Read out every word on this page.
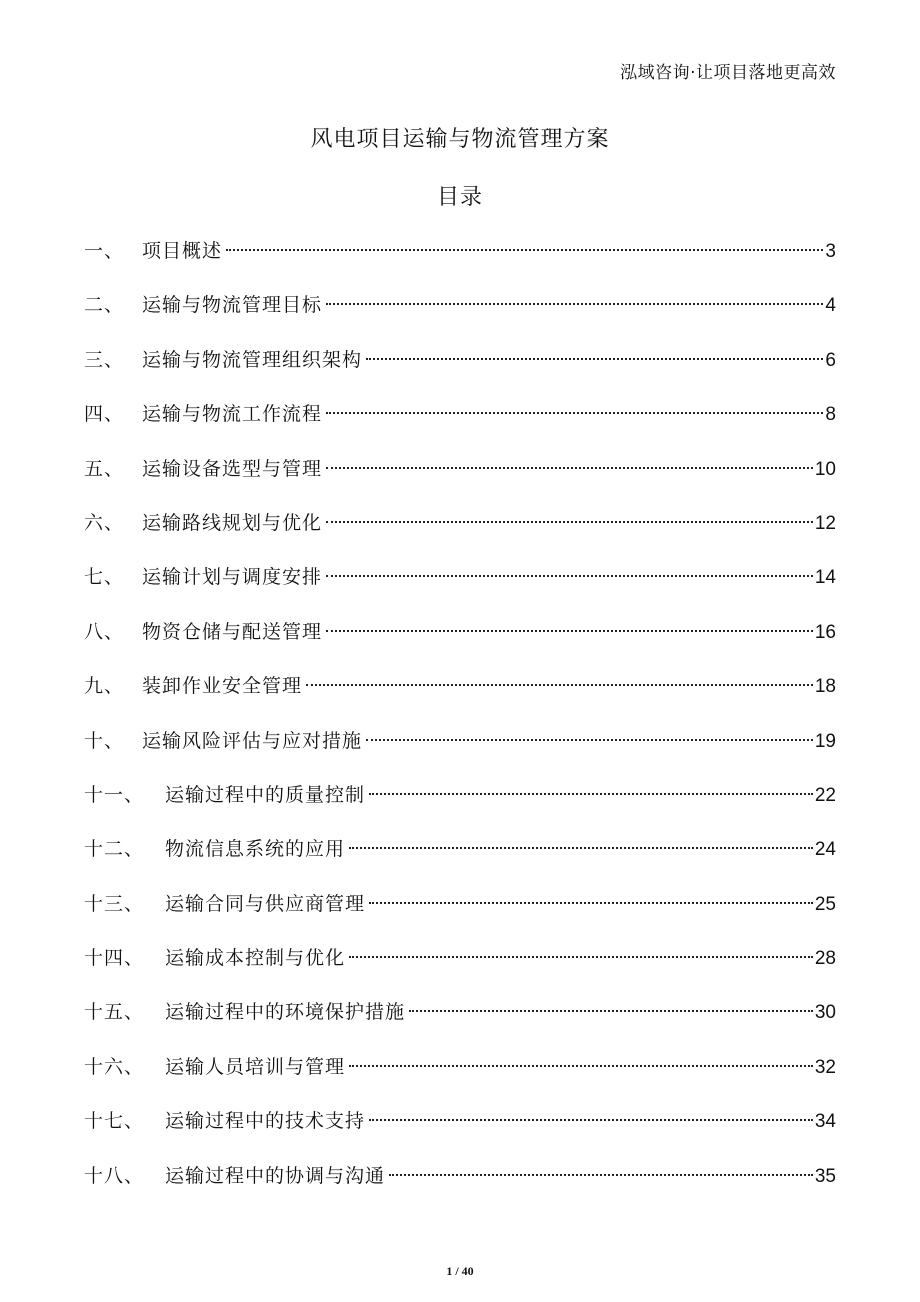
泓域咨询·让项目落地更高效
风电项目运输与物流管理方案
目录
一、 项目概述	3
二、 运输与物流管理目标	4
三、 运输与物流管理组织架构	6
四、 运输与物流工作流程	8
五、 运输设备选型与管理	10
六、 运输路线规划与优化	12
七、 运输计划与调度安排	14
八、 物资仓储与配送管理	16
九、 装卸作业安全管理	18
十、 运输风险评估与应对措施	19
十一、	运输过程中的质量控制	22
十二、	物流信息系统的应用	24
十三、	运输合同与供应商管理	25
十四、	运输成本控制与优化	28
十五、	运输过程中的环境保护措施	30
十六、	运输人员培训与管理	32
十七、	运输过程中的技术支持	34
十八、	运输过程中的协调与沟通	35
1 / 40
